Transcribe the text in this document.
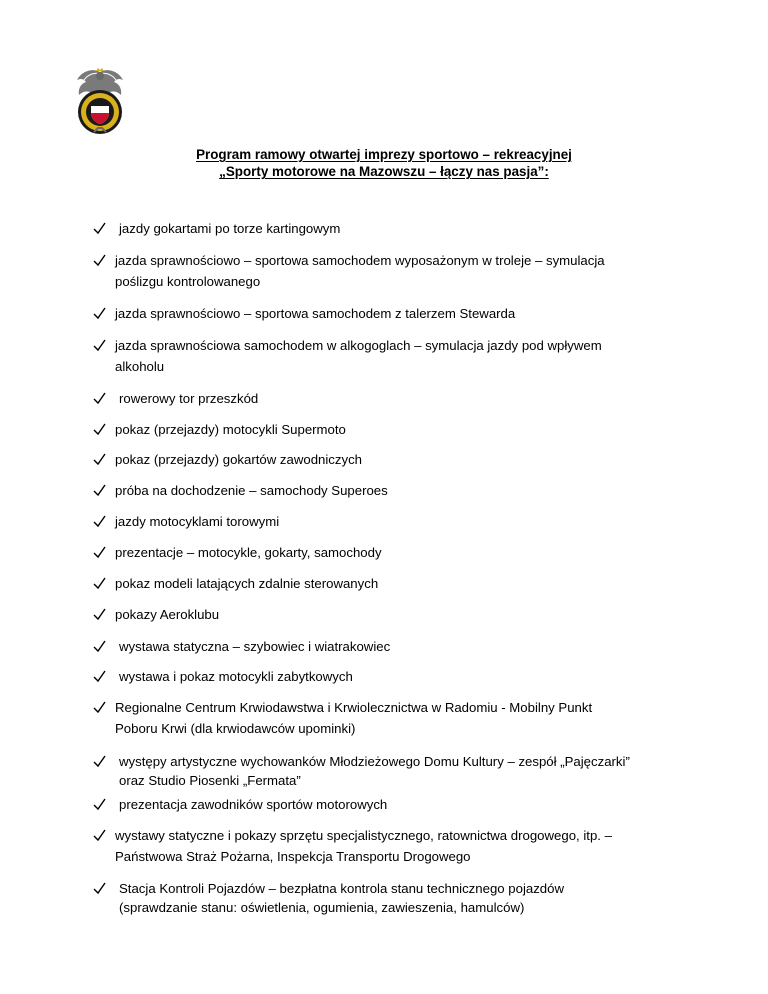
Program ramowy otwartej imprezy sportowo – rekreacyjnej
„Sporty motorowe na Mazowszu – łączy nas pasja”:
jazdy gokartami po torze kartingowym
jazda sprawnościowo – sportowa samochodem wyposażonym w troleje – symulacja
poślizgu kontrolowanego
jazda sprawnościowo – sportowa samochodem z talerzem Stewarda
jazda sprawnościowa samochodem w alkogoglach – symulacja jazdy pod wpływem
alkoholu
rowerowy tor przeszkód
pokaz (przejazdy) motocykli Supermoto
pokaz (przejazdy) gokartów zawodniczych
próba na dochodzenie – samochody Superoes
jazdy motocyklami torowymi
prezentacje – motocykle, gokarty, samochody
pokaz modeli latających zdalnie sterowanych
pokazy Aeroklubu
wystawa statyczna – szybowiec i wiatrakowiec
wystawa i pokaz motocykli zabytkowych
Regionalne Centrum Krwiodawstwa i Krwiolecznictwa w Radomiu - Mobilny Punkt
Poboru Krwi (dla krwiodawców upominki)
występy artystyczne wychowanków Młodzieżowego Domu Kultury – zespół „Pajęczarki”
oraz Studio Piosenki „Fermata”
prezentacja zawodników sportów motorowych
wystawy statyczne i pokazy sprzętu specjalistycznego, ratownictwa drogowego, itp. –
Państwowa Straż Pożarna, Inspekcja Transportu Drogowego
Stacja Kontroli Pojazdów – bezpłatna kontrola stanu technicznego pojazdów
(sprawdzanie stanu: oświetlenia, ogumienia, zawieszenia, hamulców)
